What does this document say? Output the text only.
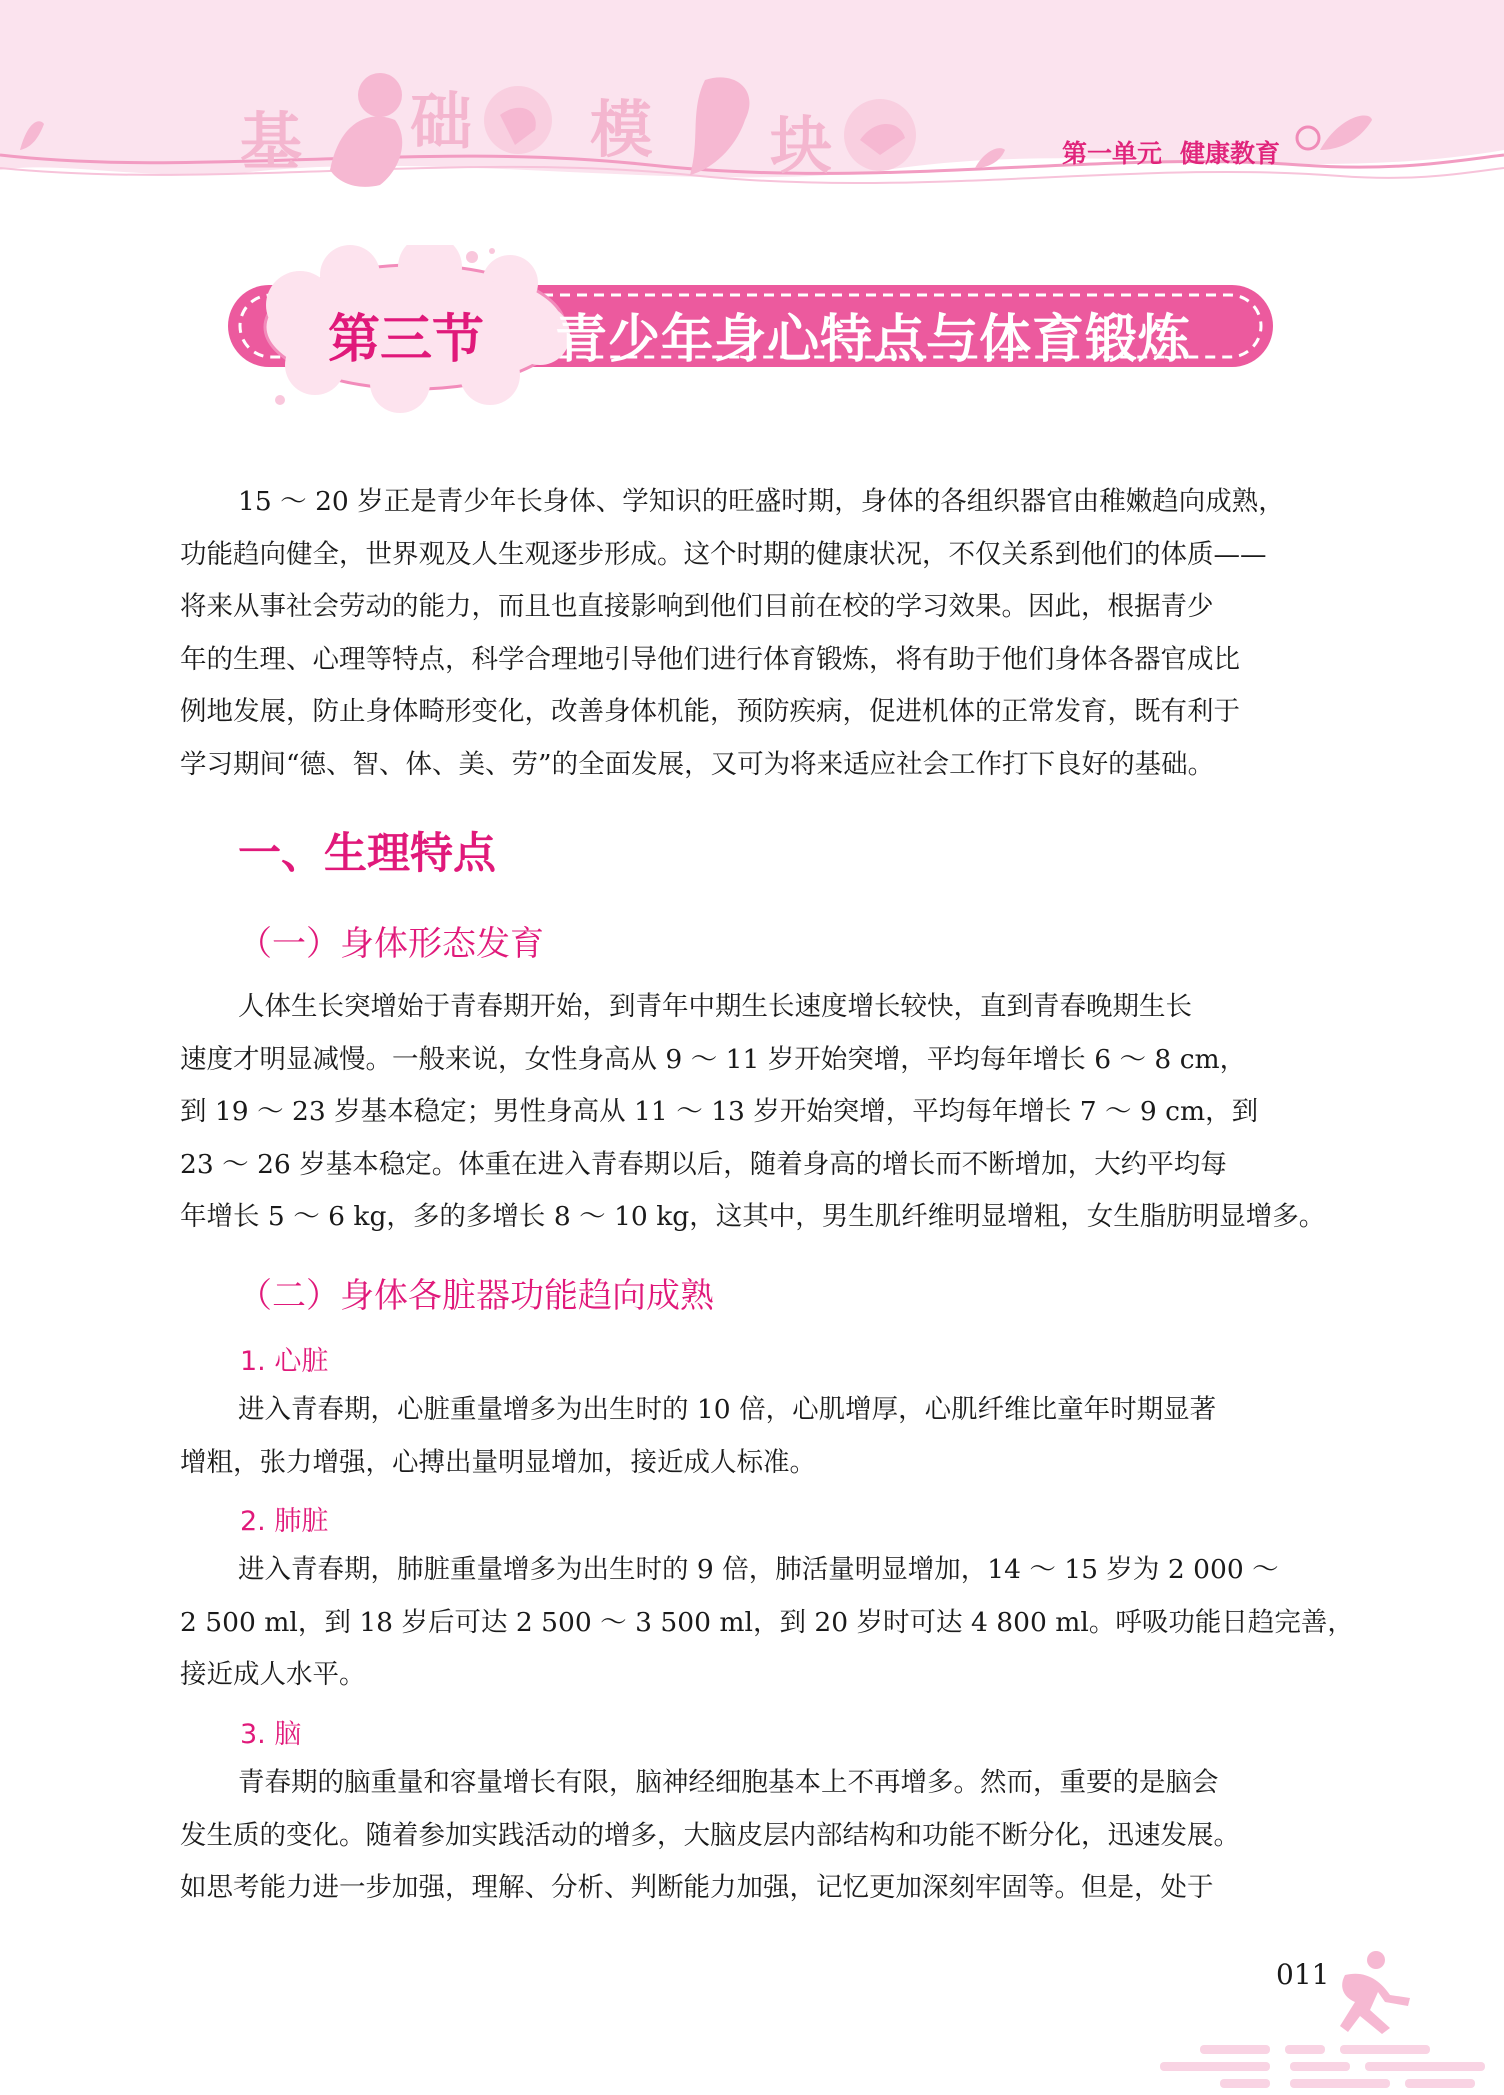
基 础 模 块	第一单元 健康教育
第三节 青少年身心特点与体育锻炼
15 ～ 20 岁正是青少年长身体、学知识的旺盛时期，身体的各组织器官由稚嫩趋向成熟，
功能趋向健全，世界观及人生观逐步形成。这个时期的健康状况，不仅关系到他们的体质——
将来从事社会劳动的能力，而且也直接影响到他们目前在校的学习效果。因此，根据青少
年的生理、心理等特点，科学合理地引导他们进行体育锻炼，将有助于他们身体各器官成比
例地发展，防止身体畸形变化，改善身体机能，预防疾病，促进机体的正常发育，既有利于
学习期间“德、智、体、美、劳”的全面发展，又可为将来适应社会工作打下良好的基础。
一、生理特点
（一）身体形态发育
人体生长突增始于青春期开始，到青年中期生长速度增长较快，直到青春晚期生长
速度才明显减慢。一般来说，女性身高从 9 ～ 11 岁开始突增，平均每年增长 6 ～ 8 cm，
到 19 ～ 23 岁基本稳定；男性身高从 11 ～ 13 岁开始突增，平均每年增长 7 ～ 9 cm，到
23 ～ 26 岁基本稳定。体重在进入青春期以后，随着身高的增长而不断增加，大约平均每
年增长 5 ～ 6 kg，多的多增长 8 ～ 10 kg，这其中，男生肌纤维明显增粗，女生脂肪明显增多。
（二）身体各脏器功能趋向成熟
1. 心脏
进入青春期，心脏重量增多为出生时的 10 倍，心肌增厚，心肌纤维比童年时期显著
增粗，张力增强，心搏出量明显增加，接近成人标准。
2. 肺脏
进入青春期，肺脏重量增多为出生时的 9 倍，肺活量明显增加，14 ～ 15 岁为 2 000 ～
2 500 ml，到 18 岁后可达 2 500 ～ 3 500 ml，到 20 岁时可达 4 800 ml。呼吸功能日趋完善，
接近成人水平。
3. 脑
青春期的脑重量和容量增长有限，脑神经细胞基本上不再增多。然而，重要的是脑会
发生质的变化。随着参加实践活动的增多，大脑皮层内部结构和功能不断分化，迅速发展。
如思考能力进一步加强，理解、分析、判断能力加强，记忆更加深刻牢固等。但是，处于
011
